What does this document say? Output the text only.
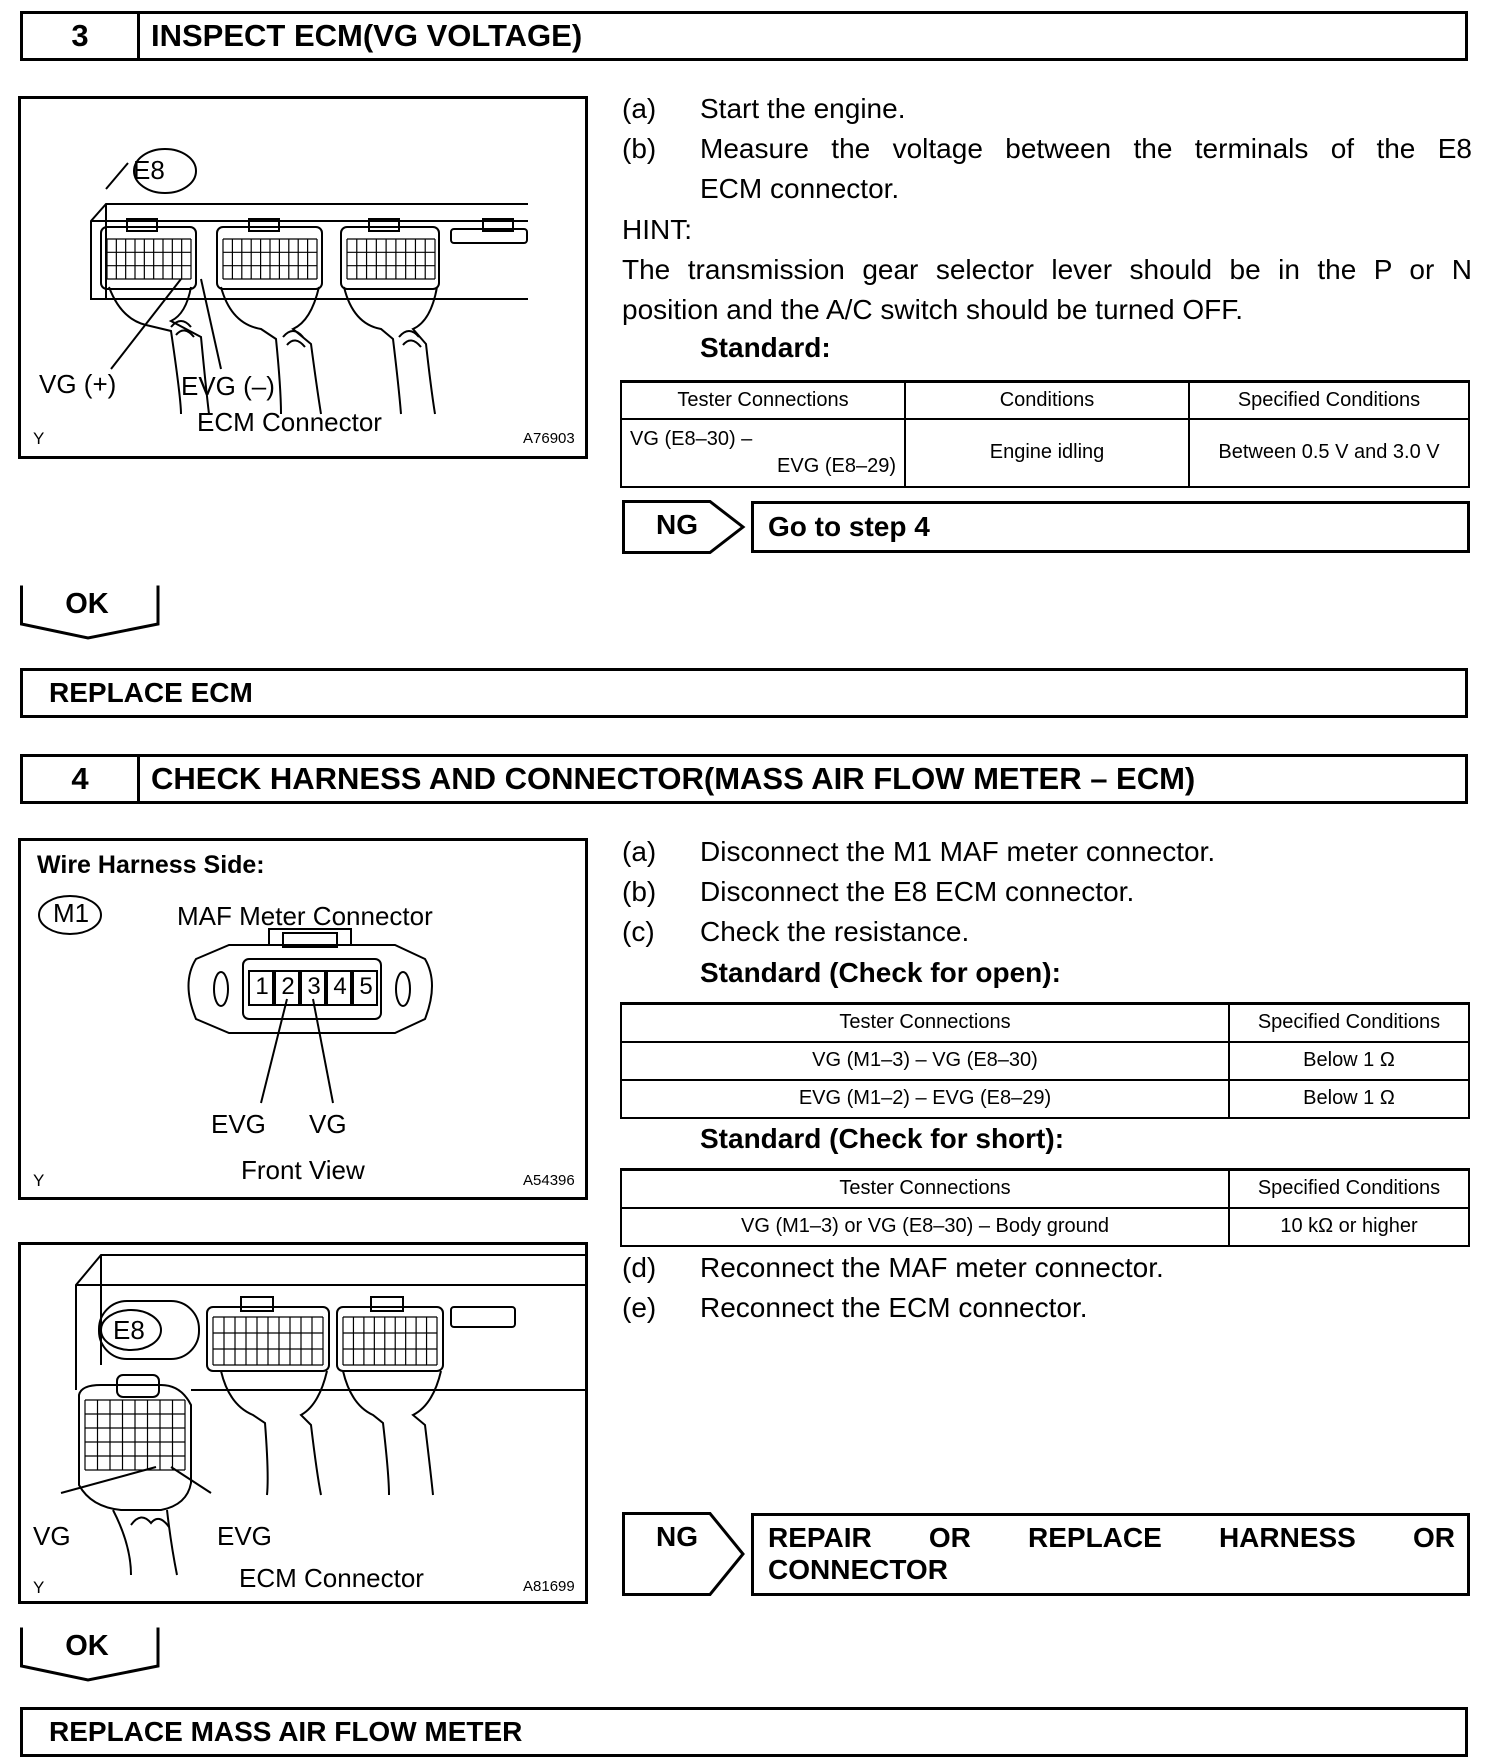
3	INSPECT ECM(VG VOLTAGE)
E8
VG (+) EVG (–)
ECM Connector
Y	A76903
(a) Start the engine.
(b) Measure the voltage between the terminals of the E8
ECM connector.
HINT:
The transmission gear selector lever should be in the P or N
position and the A/C switch should be turned OFF.
Standard:
Tester Connections	Conditions	Specified Conditions

VG (E8–30) –
EVG (E8–29)	Engine idling	Between 0.5 V and 3.0 V
NG	Go to step 4
OK
REPLACE ECM
4	CHECK HARNESS AND CONNECTOR(MASS AIR FLOW METER – ECM)
Wire Harness Side:
M1	MAF Meter Connector
1 2 3 4 5
EVG VG
Front View
Y	A54396
E8
VG	EVG
ECM Connector
Y	A81699
(a) Disconnect the M1 MAF meter connector.
(b) Disconnect the E8 ECM connector.
(c) Check the resistance.
Standard (Check for open):
Tester Connections	Specified Conditions
VG (M1–3) – VG (E8–30)	Below 1 Ω
EVG (M1–2) – EVG (E8–29)	Below 1 Ω
Standard (Check for short):
Tester Connections	Specified Conditions
VG (M1–3) or VG (E8–30) – Body ground	10 kΩ or higher
(d) Reconnect the MAF meter connector.
(e) Reconnect the ECM connector.
NG	REPAIR OR REPLACE HARNESS OR
CONNECTOR
OK
REPLACE MASS AIR FLOW METER
